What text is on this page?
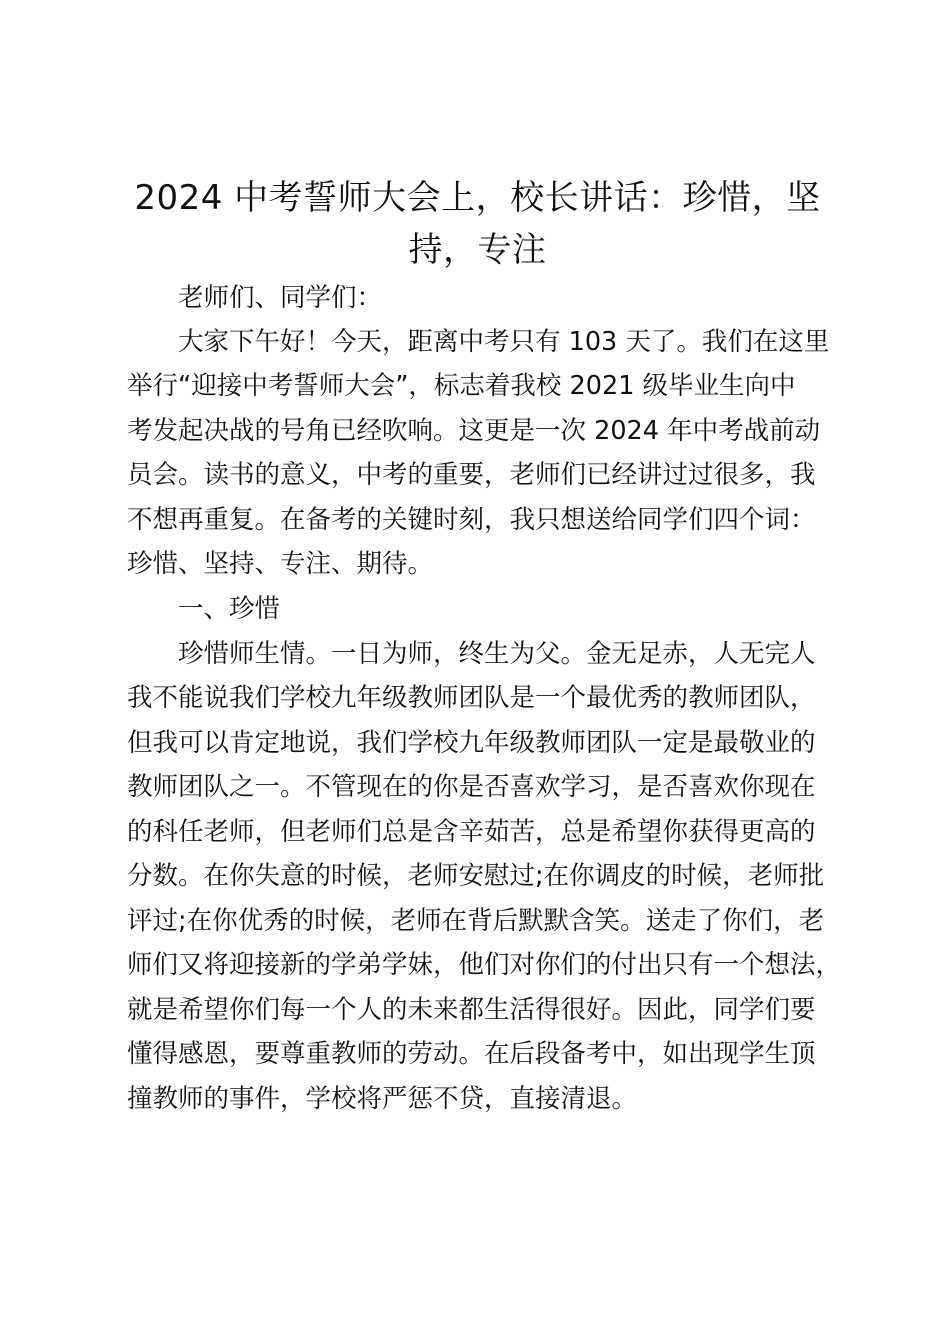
2024 中考誓师大会上，校长讲话：珍惜，坚
持，专注

老师们、同学们：

大家下午好！今天，距离中考只有 103 天了。我们在这里

举行“迎接中考誓师大会”，标志着我校 2021 级毕业生向中

考发起决战的号角已经吹响。这更是一次 2024 年中考战前动

员会。读书的意义，中考的重要，老师们已经讲过过很多，我

不想再重复。在备考的关键时刻，我只想送给同学们四个词：

珍惜、坚持、专注、期待。

一、珍惜

珍惜师生情。一日为师，终生为父。金无足赤，人无完人

我不能说我们学校九年级教师团队是一个最优秀的教师团队，

但我可以肯定地说，我们学校九年级教师团队一定是最敬业的

教师团队之一。不管现在的你是否喜欢学习，是否喜欢你现在

的科任老师，但老师们总是含辛茹苦，总是希望你获得更高的

分数。在你失意的时候，老师安慰过;在你调皮的时候，老师批

评过;在你优秀的时候，老师在背后默默含笑。送走了你们，老

师们又将迎接新的学弟学妹，他们对你们的付出只有一个想法，

就是希望你们每一个人的未来都生活得很好。因此，同学们要

懂得感恩，要尊重教师的劳动。在后段备考中，如出现学生顶

撞教师的事件，学校将严惩不贷，直接清退。
